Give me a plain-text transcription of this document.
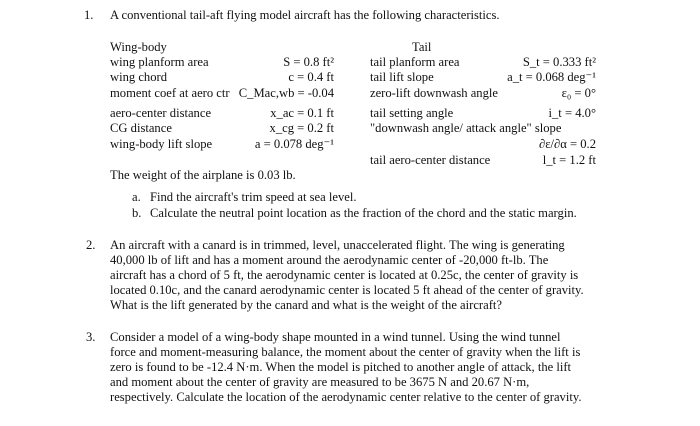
1. A conventional tail-aft flying model aircraft has the following characteristics.
Wing-body
wing planform area	S = 0.8 ft²
wing chord	c = 0.4 ft
moment coef at aero ctr C_Mac,wb = -0.04
aero-center distance	x_ac = 0.1 ft
CG distance	x_cg = 0.2 ft
wing-body lift slope	a = 0.078 deg⁻¹
Tail
tail planform area	S_t = 0.333 ft²
tail lift slope	a_t = 0.068 deg⁻¹
zero-lift downwash angle	ε₀ = 0°
tail setting angle	i_t = 4.0°
"downwash angle/ attack angle" slope
∂ε/∂α = 0.2
tail aero-center distance	l_t = 1.2 ft
The weight of the airplane is 0.03 lb.
a. Find the aircraft's trim speed at sea level.
b. Calculate the neutral point location as the fraction of the chord and the static margin.
2. An aircraft with a canard is in trimmed, level, unaccelerated flight. The wing is generating
40,000 lb of lift and has a moment around the aerodynamic center of -20,000 ft-lb. The
aircraft has a chord of 5 ft, the aerodynamic center is located at 0.25c, the center of gravity is
located 0.10c, and the canard aerodynamic center is located 5 ft ahead of the center of gravity.
What is the lift generated by the canard and what is the weight of the aircraft?
3. Consider a model of a wing-body shape mounted in a wind tunnel. Using the wind tunnel
force and moment-measuring balance, the moment about the center of gravity when the lift is
zero is found to be -12.4 N·m. When the model is pitched to another angle of attack, the lift
and moment about the center of gravity are measured to be 3675 N and 20.67 N·m,
respectively. Calculate the location of the aerodynamic center relative to the center of gravity.
